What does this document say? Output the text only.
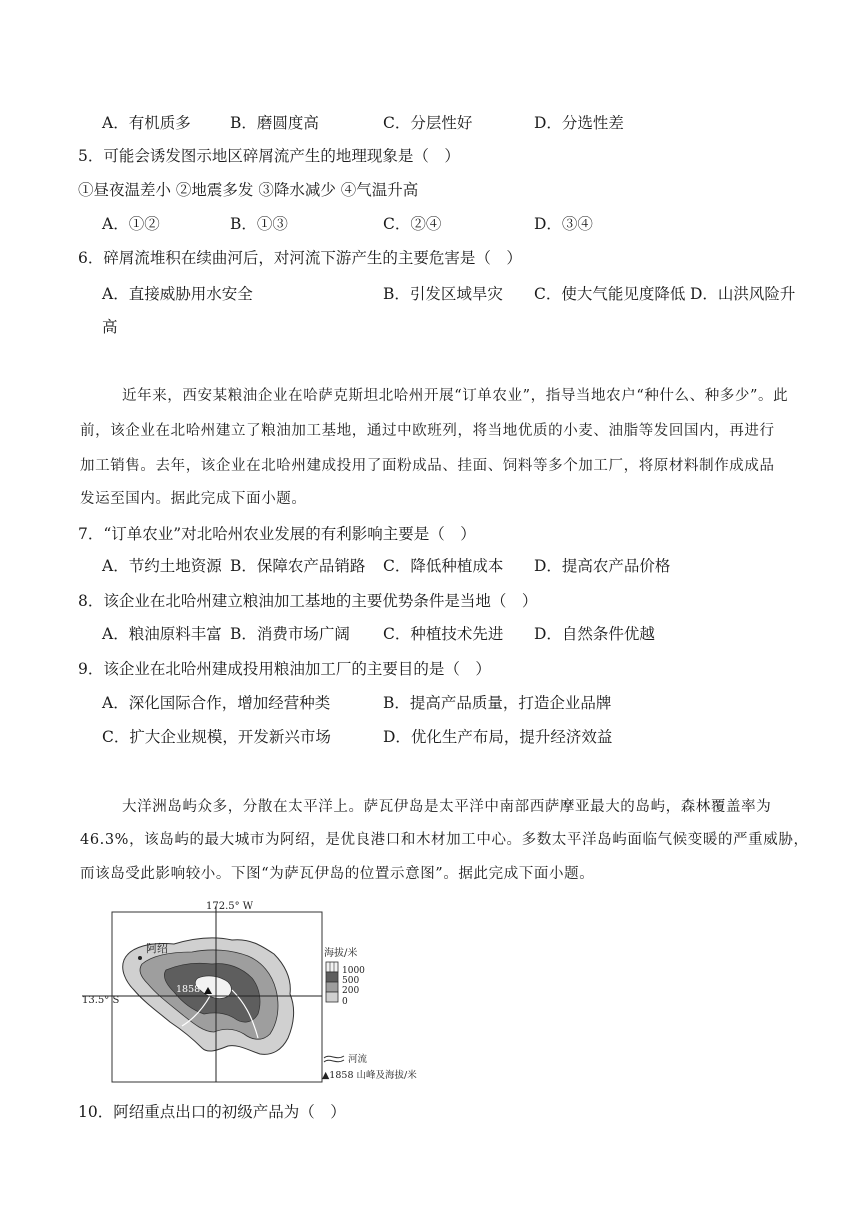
A．有机质多	B．磨圆度高	C．分层性好	D．分选性差
5．可能会诱发图示地区碎屑流产生的地理现象是（　）
①昼夜温差小 ②地震多发 ③降水减少 ④气温升高
A．①②	B．①③	C．②④	D．③④
6．碎屑流堆积在续曲河后，对河流下游产生的主要危害是（　）
A．直接威胁用水安全	B．引发区域旱灾 C．使大气能见度降低 D．山洪风险升
高
近年来，西安某粮油企业在哈萨克斯坦北哈州开展“订单农业”，指导当地农户“种什么、种多少”。此
前，该企业在北哈州建立了粮油加工基地，通过中欧班列，将当地优质的小麦、油脂等发回国内，再进行
加工销售。去年，该企业在北哈州建成投用了面粉成品、挂面、饲料等多个加工厂，将原材料制作成成品
发运至国内。据此完成下面小题。
7．“订单农业”对北哈州农业发展的有利影响主要是（　）
A．节约土地资源 B．保障农产品销路 C．降低种植成本 D．提高农产品价格
8．该企业在北哈州建立粮油加工基地的主要优势条件是当地（　）
A．粮油原料丰富 B．消费市场广阔 C．种植技术先进 D．自然条件优越
9．该企业在北哈州建成投用粮油加工厂的主要目的是（　）
A．深化国际合作，增加经营种类	B．提高产品质量，打造企业品牌
C．扩大企业规模，开发新兴市场	D．优化生产布局，提升经济效益
大洋洲岛屿众多，分散在太平洋上。萨瓦伊岛是太平洋中南部西萨摩亚最大的岛屿，森林覆盖率为
46.3%，该岛屿的最大城市为阿绍，是优良港口和木材加工中心。多数太平洋岛屿面临气候变暖的严重威胁，
而该岛受此影响较小。下图“为萨瓦伊岛的位置示意图”。据此完成下面小题。
172.5° W
13.5° S
阿绍
1858
海拔/米
1000
500
200
0
河流
▲1858 山峰及海拔/米
10．阿绍重点出口的初级产品为（　）
